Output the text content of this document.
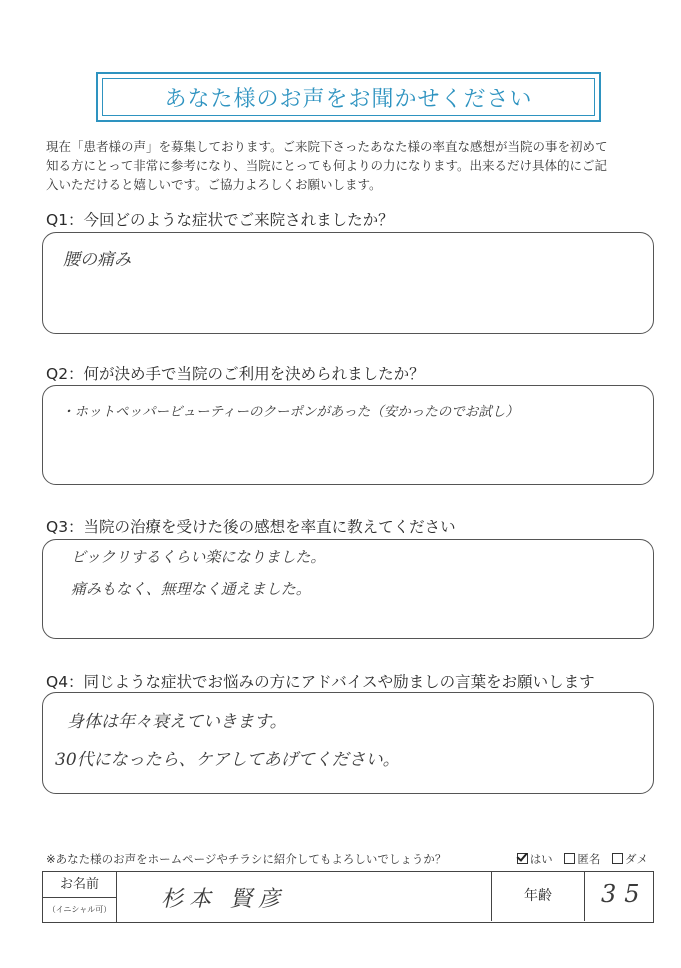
あなた様のお声をお聞かせください
現在「患者様の声」を募集しております。ご来院下さったあなた様の率直な感想が当院の事を初めて
知る方にとって非常に参考になり、当院にとっても何よりの力になります。出来るだけ具体的にご記
入いただけると嬉しいです。ご協力よろしくお願いします。
Q1：今回どのような症状でご来院されましたか？
腰の痛み
Q2：何が決め手で当院のご利用を決められましたか？
・ホットペッパービューティーのクーポンがあった（安かったのでお試し）
Q3：当院の治療を受けた後の感想を率直に教えてください
ビックリするくらい楽になりました。
痛みもなく、無理なく通えました。
Q4：同じような症状でお悩みの方にアドバイスや励ましの言葉をお願いします
身体は年々衰えていきます。
30代になったら、ケアしてあげてください。
※あなた様のお声をホームページやチラシに紹介してもよろしいでしょうか？	はい 匿名 ダメ
お名前
（イニシャル可） 杉本 賢彦	年齢	35
